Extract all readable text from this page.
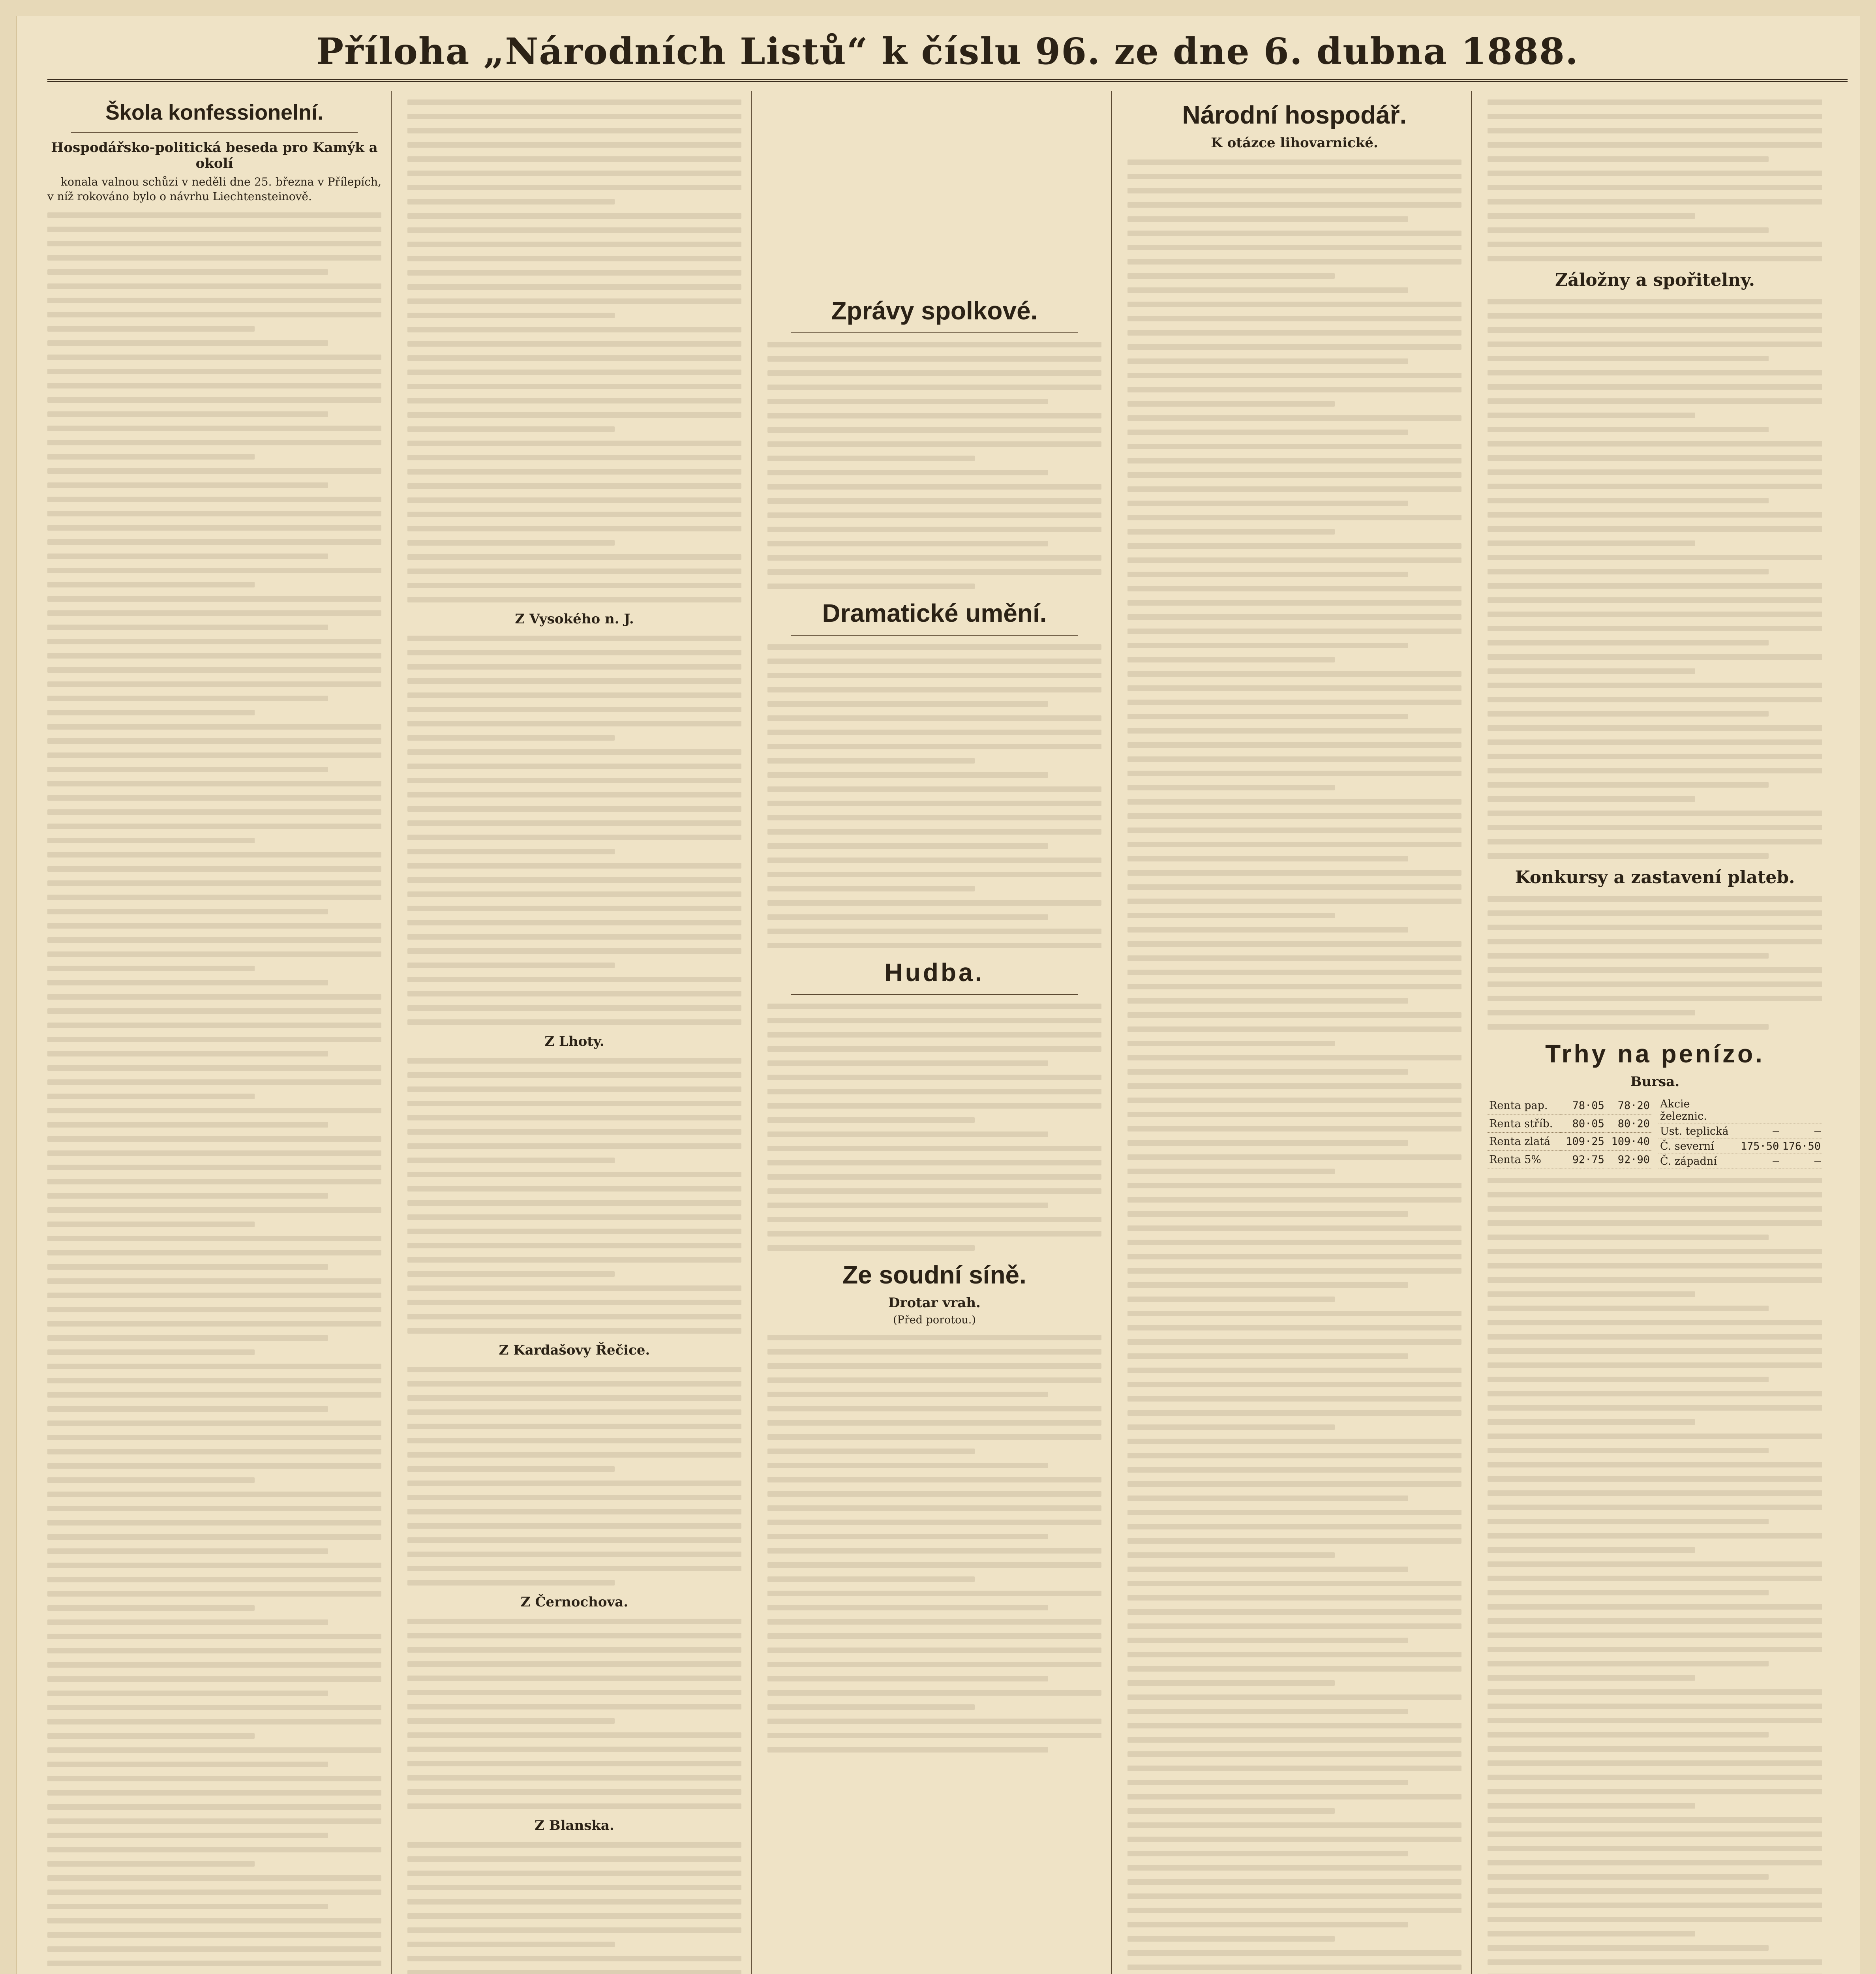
Příloha „Národních Listů“ k číslu 96. ze dne 6. dubna 1888.
Škola konfessionelní.
Hospodářsko-politická beseda pro Kamýk a okolí

konala valnou schůzi v neděli dne 25. března v Přílepích, v níž rokováno bylo o návrhu Liechtensteinově.

Z Vysokého n. J.
Z Lhoty.
Z Kardašovy Řečice.
Z Černochova.
Z Blanska.
Zprávy spolkové.
Dramatické umění.
Hudba.
Ze soudní síně.
Drotar vrah.
(Před porotou.)
Národní hospodář.
K otázce lihovarnické.
Záložny a spořitelny.
Konkursy a zastavení plateb.
Trhy na penízo.
Bursa.
Renta pap.	78·05	78·20
Renta stříb.	80·05	80·20
Renta zlatá	109·25	109·40
Renta 5%	92·75	92·90
Akcie železnic.		
Ust. teplická	—	—
Č. severní	175·50	176·50
Č. západní	—	—
